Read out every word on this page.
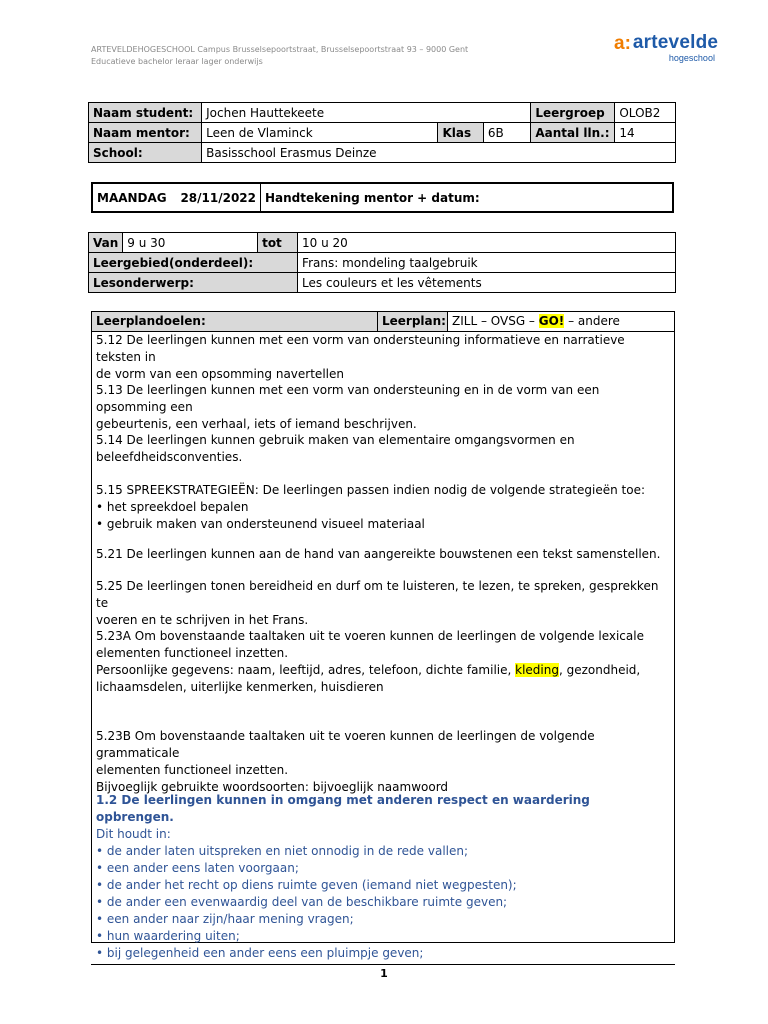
ARTEVELDEHOGESCHOOL Campus Brusselsepoortstraat, Brusselsepoortstraat 93 – 9000 Gent
Educatieve bachelor leraar lager onderwijs
a: artevelde
hogeschool
Naam student:	Jochen Hauttekeete			Leergroep	OLOB2
Naam mentor:	Leen de Vlaminck	Klas	6B	Aantal lln.:	14
School:	Basisschool Erasmus Deinze				
MAANDAG 28/11/2022 Handtekening mentor + datum:
Van	9 u 30	tot	10 u 20
Leergebied(onderdeel):			Frans: mondeling taalgebruik
Lesonderwerp:			Les couleurs et les vêtements
Leerplandoelen:	Leerplan: ZILL – OVSG – GO! – andere
5.12 De leerlingen kunnen met een vorm van ondersteuning informatieve en narratieve teksten in
de vorm van een opsomming navertellen
5.13 De leerlingen kunnen met een vorm van ondersteuning en in de vorm van een opsomming een
gebeurtenis, een verhaal, iets of iemand beschrijven.
5.14 De leerlingen kunnen gebruik maken van elementaire omgangsvormen en
beleefdheidsconventies.
5.15 SPREEKSTRATEGIEËN: De leerlingen passen indien nodig de volgende strategieën toe:
• het spreekdoel bepalen
• gebruik maken van ondersteunend visueel materiaal
5.21 De leerlingen kunnen aan de hand van aangereikte bouwstenen een tekst samenstellen.
5.25 De leerlingen tonen bereidheid en durf om te luisteren, te lezen, te spreken, gesprekken te
voeren en te schrijven in het Frans.
5.23A Om bovenstaande taaltaken uit te voeren kunnen de leerlingen de volgende lexicale
elementen functioneel inzetten.
Persoonlijke gegevens: naam, leeftijd, adres, telefoon, dichte familie, kleding, gezondheid,
lichaamsdelen, uiterlijke kenmerken, huisdieren
5.23B Om bovenstaande taaltaken uit te voeren kunnen de leerlingen de volgende grammaticale
elementen functioneel inzetten.
Bijvoeglijk gebruikte woordsoorten: bijvoeglijk naamwoord
1.2 De leerlingen kunnen in omgang met anderen respect en waardering opbrengen.
Dit houdt in:
• de ander laten uitspreken en niet onnodig in de rede vallen;
• een ander eens laten voorgaan;
• de ander het recht op diens ruimte geven (iemand niet wegpesten);
• de ander een evenwaardig deel van de beschikbare ruimte geven;
• een ander naar zijn/haar mening vragen;
• hun waardering uiten;
• bij gelegenheid een ander eens een pluimpje geven;
1
